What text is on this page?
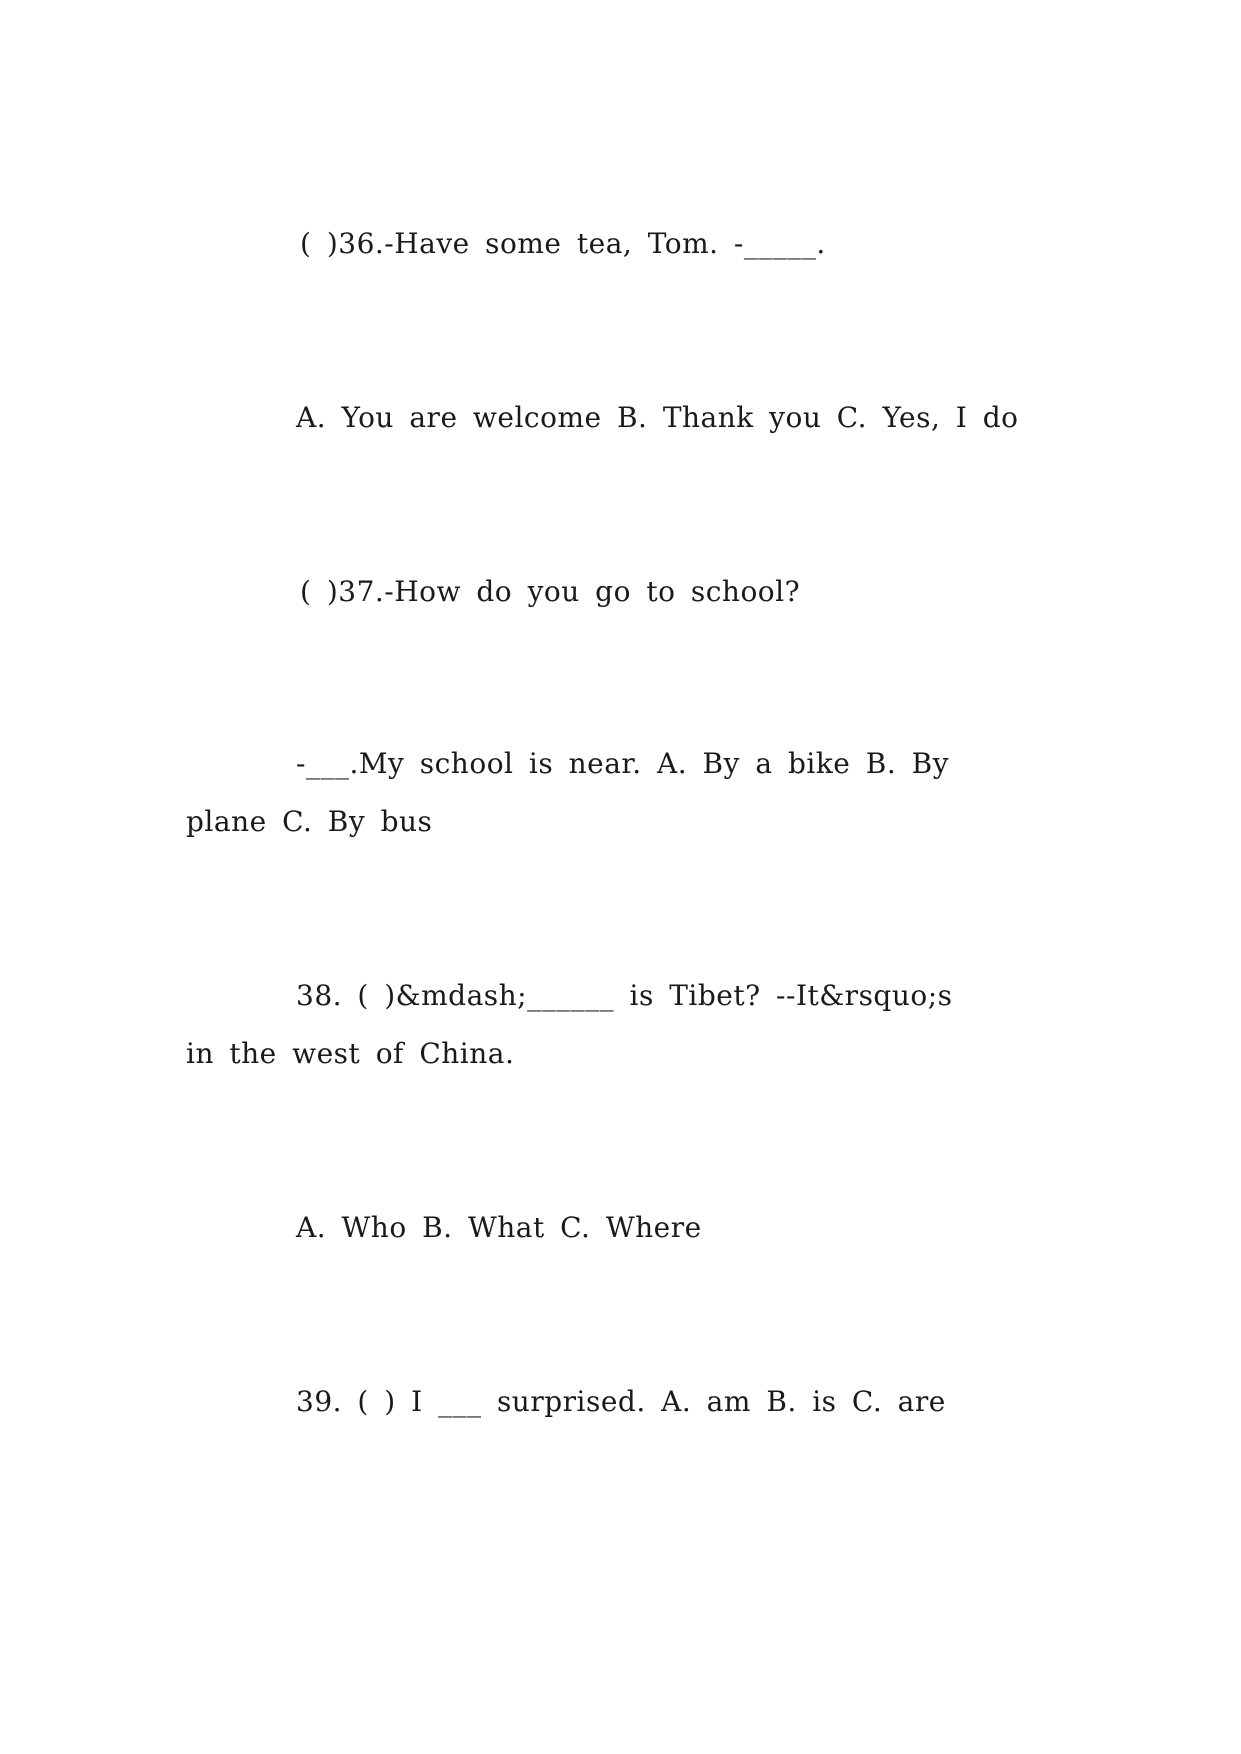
( )36.-Have some tea, Tom. -_____.

A. You are welcome B. Thank you C. Yes, I do

( )37.-How do you go to school?

-___.My school is near. A. By a bike B. By
plane C. By bus
38. ( )&mdash;______ is Tibet? --It&rsquo;s
in the west of China.

A. Who B. What C. Where

39. ( ) I ___ surprised. A. am B. is C. are
